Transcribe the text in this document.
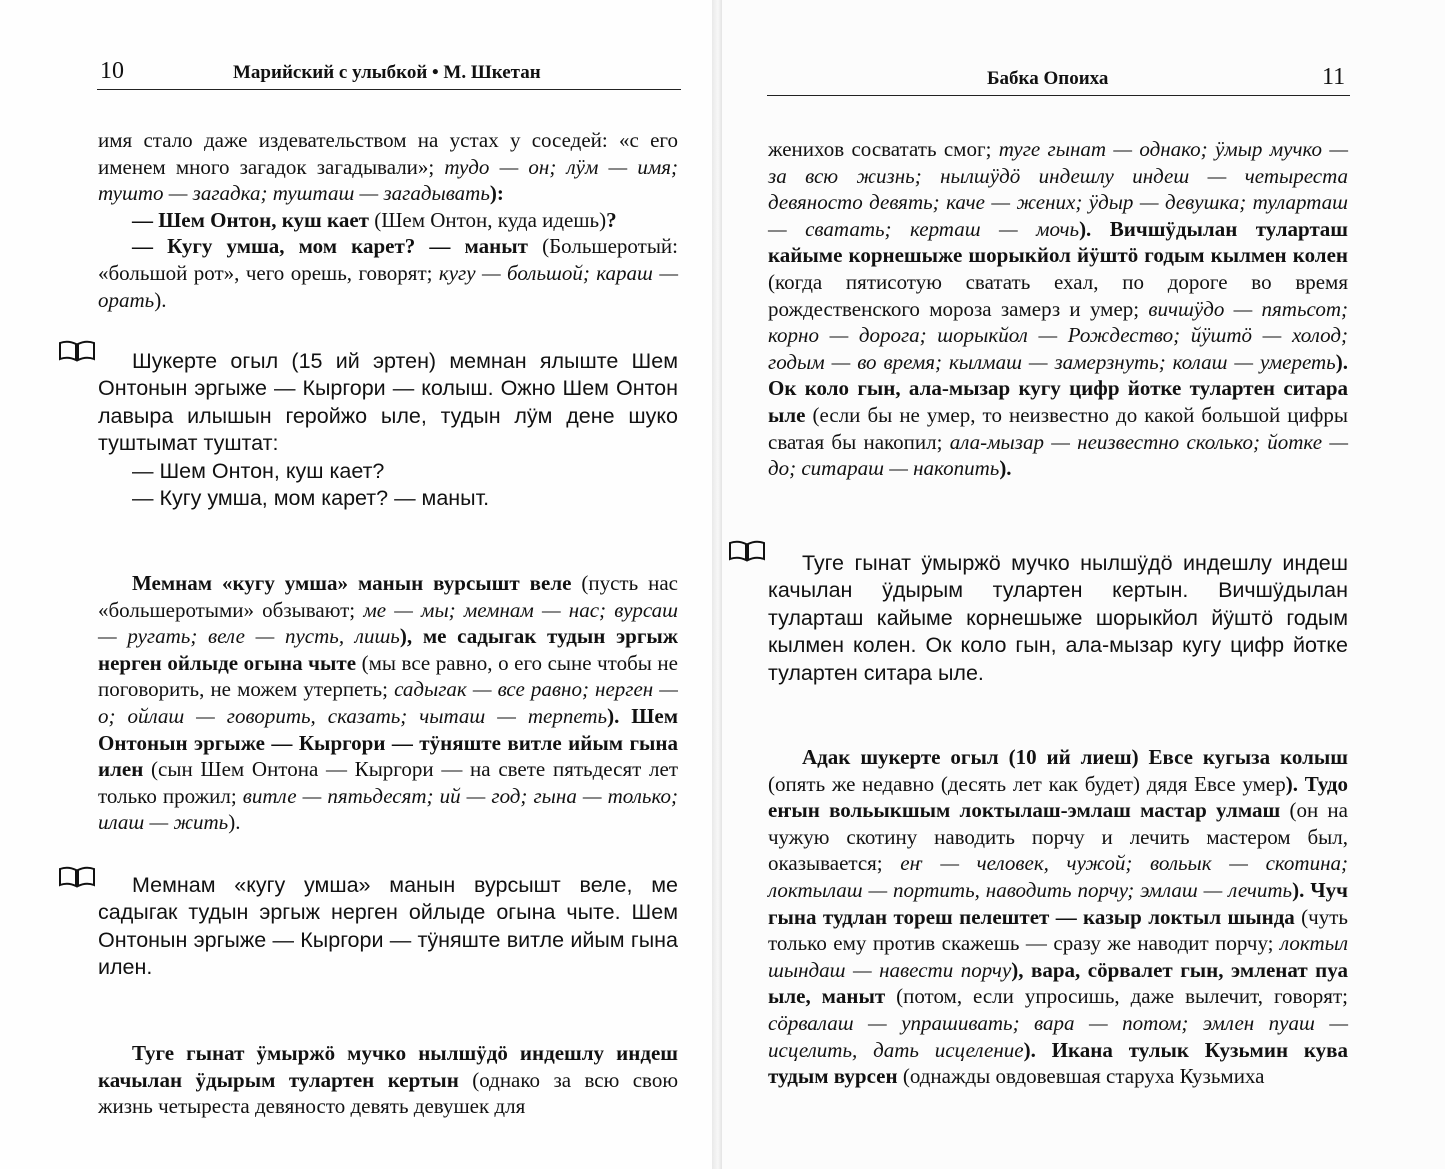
10	Марийский с улыбкой • М. Шкетан

имя стало даже издевательством на устах у соседей: «с его именем много загадок загадывали»; тудо — он; лӱм — имя; тушто — загадка; тушташ — загадывать):

— Шем Онтон, куш кает (Шем Онтон, куда идешь)?

— Кугу умша, мом карет? — маныт (Большеротый: «большой рот», чего орешь, говорят; кугу — большой; караш — орать).

Шукерте огыл (15 ий эртен) мемнан ялыште Шем Онтонын эргыже — Кыргори — колыш. Ожно Шем Онтон лавыра илышын геройжо ыле, тудын лӱм дене шуко туштымат туштат:

— Шем Онтон, куш кает?

— Кугу умша, мом карет? — маныт.

Мемнам «кугу умша» манын вурсышт веле (пусть нас «большеротыми» обзывают; ме — мы; мемнам — нас; вурсаш — ругать; веле — пусть, лишь), ме садыгак тудын эргыж нерген ойлыде огына чыте (мы все равно, о его сыне чтобы не поговорить, не можем утерпеть; садыгак — все равно; нерген — о; ойлаш — говорить, сказать; чыташ — терпеть). Шем Онтонын эргыже — Кыргори — тӱняште витле ийым гына илен (сын Шем Онтона — Кыргори — на свете пятьдесят лет только прожил; витле — пятьдесят; ий — год; гына — только; илаш — жить).

Мемнам «кугу умша» манын вурсышт веле, ме садыгак тудын эргыж нерген ойлыде огына чыте. Шем Онтонын эргыже — Кыргори — тӱняште витле ийым гына илен.

Туге гынат ӱмыржӧ мучко нылшӱдӧ индешлу индеш качылан ӱдырым тулартен кертын (однако за всю свою жизнь четыреста девяносто девять девушек для

Бабка Опоиха	11

женихов сосватать смог; туге гынат — однако; ӱмыр мучко — за всю жизнь; нылшӱдӧ индешлу индеш — четыреста девяносто девять; каче — жених; ӱдыр — девушка; туларташ — сватать; керташ — мочь). Вичшӱдылан тулартaш кайыме корнешыже шорыкйол йӱштӧ годым кылмен колен (когда пятисотую сватать ехал, по дороге во время рождественского мороза замерз и умер; вичшӱдо — пятьсот; корно — дорога; шорыкйол — Рождество; йӱштӧ — холод; годым — во время; кылмаш — замерзнуть; колаш — умереть). Ок коло гын, ала-мызар кугу цифр йотке тулартен ситара ыле (если бы не умер, то неизвестно до какой большой цифры сватая бы накопил; ала-мызар — неизвестно сколько; йотке — до; ситараш — накопить).

Туге гынат ӱмыржӧ мучко нылшӱдӧ индешлу индеш качылан ӱдырым тулартен кертын. Вичшӱдылан тулартaш кайыме корнешыже шорыкйол йӱштӧ годым кылмен колен. Ок коло гын, ала-мызар кугу цифр йотке тулартен ситара ыле.

Адак шукерте огыл (10 ий лиеш) Евсе кугыза колыш (опять же недавно (десять лет как будет) дядя Евсе умер). Тудо еҥын вольыкшым локтылаш-эмлаш мастар улмаш (он на чужую скотину наводить порчу и лечить мастером был, оказывается; еҥ — человек, чужой; вольык — скотина; локтылаш — портить, наводить порчу; эмлаш — лечить). Чуч гына тудлан тореш пелештет — казыр локтыл шында (чуть только ему против скажешь — сразу же наводит порчу; локтыл шындаш — навести порчу), вара, сӧрвалет гын, эмленат пуа ыле, маныт (потом, если упросишь, даже вылечит, говорят; сӧрвалаш — упрашивать; вара — потом; эмлен пуаш — исцелить, дать исцеление). Икана тулык Кузьмин кува тудым вурсен (однажды овдовевшая старуха Кузьмиха
